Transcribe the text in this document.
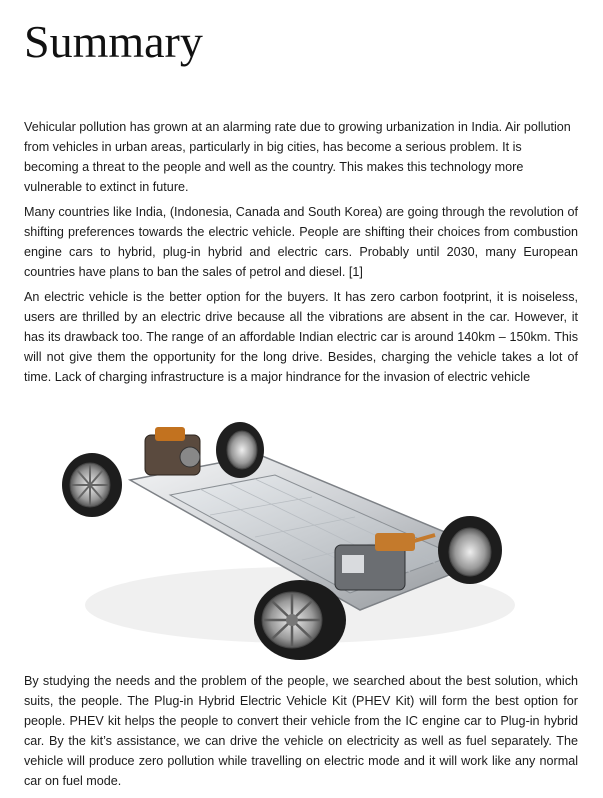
Summary

Vehicular pollution has grown at an alarming rate due to growing urbanization in India. Air pollution from vehicles in urban areas, particularly in big cities, has become a serious problem. It is becoming a threat to the people and well as the country. This makes this technology more vulnerable to extinct in future.

Many countries like India, (Indonesia, Canada and South Korea) are going through the revolution of shifting preferences towards the electric vehicle. People are shifting their choices from combustion engine cars to hybrid, plug-in hybrid and electric cars. Probably until 2030, many European countries have plans to ban the sales of petrol and diesel. [1]

An electric vehicle is the better option for the buyers. It has zero carbon footprint, it is noiseless, users are thrilled by an electric drive because all the vibrations are absent in the car. However, it has its drawback too. The range of an affordable Indian electric car is around 140km – 150km. This will not give them the opportunity for the long drive. Besides, charging the vehicle takes a lot of time. Lack of charging infrastructure is a major hindrance for the invasion of electric vehicle

By studying the needs and the problem of the people, we searched about the best solution, which suits, the people. The Plug-in Hybrid Electric Vehicle Kit (PHEV Kit) will form the best option for people. PHEV kit helps the people to convert their vehicle from the IC engine car to Plug-in hybrid car. By the kit’s assistance, we can drive the vehicle on electricity as well as fuel separately. The vehicle will produce zero pollution while travelling on electric mode and it will work like any normal car on fuel mode.
